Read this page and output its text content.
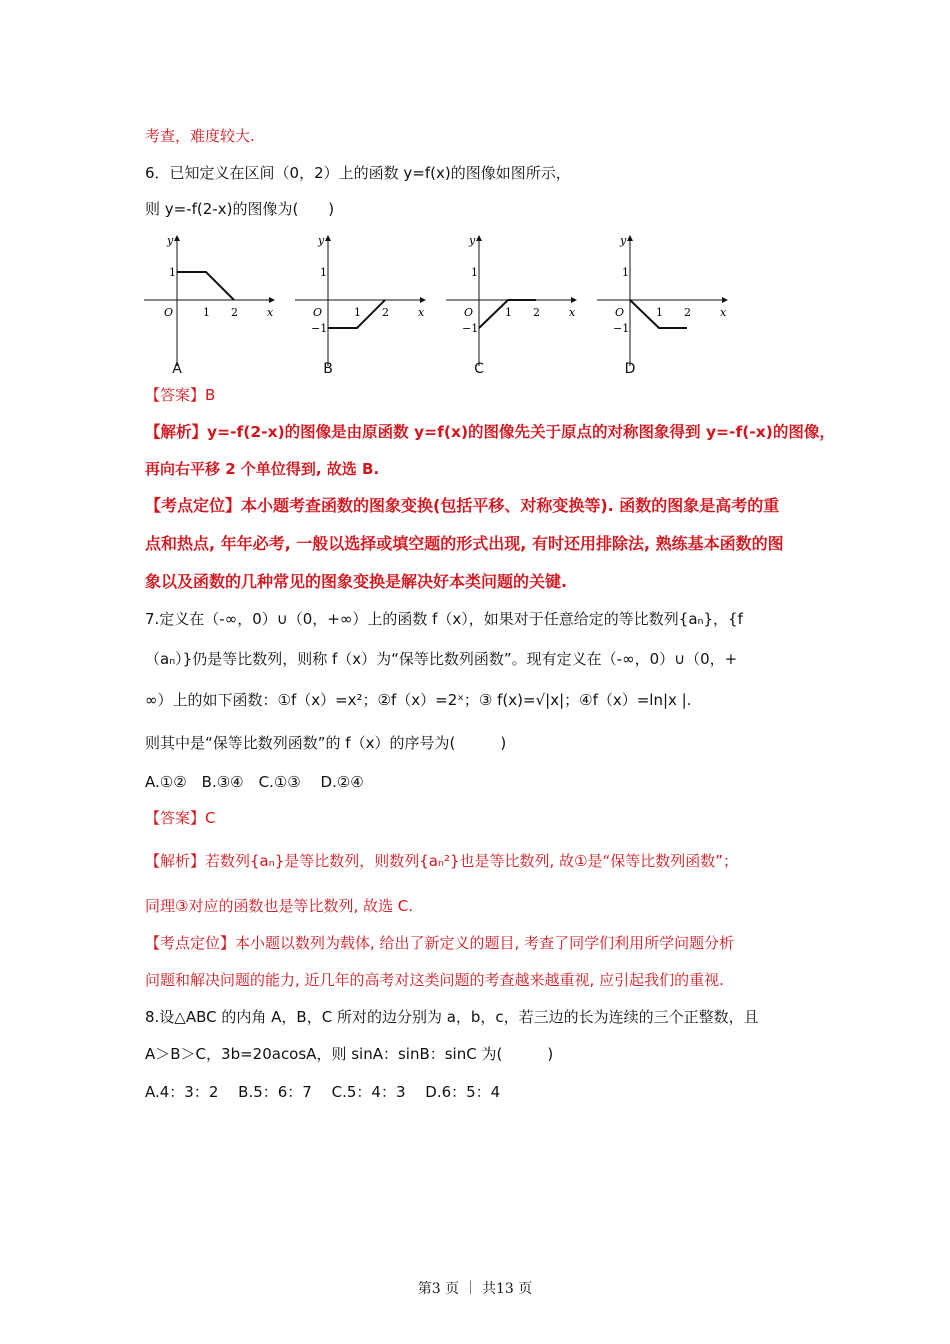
考查，难度较大.
6．已知定义在区间（0，2）上的函数 y=f(x)的图像如图所示，
则 y=-f(2-x)的图像为(　　)
y
x
O
1
1 2
A
y
x
O
1
−1
1 2
B
y
x
O
1
−1
1 2
C
y
x
O
1
−1
1 2
D
【答案】B
【解析】y=-f(2-x)的图像是由原函数 y=f(x)的图像先关于原点的对称图象得到 y=-f(-x)的图像，
再向右平移 2 个单位得到, 故选 B.
【考点定位】本小题考查函数的图象变换(包括平移、对称变换等). 函数的图象是高考的重
点和热点, 年年必考, 一般以选择或填空题的形式出现, 有时还用排除法, 熟练基本函数的图
象以及函数的几种常见的图象变换是解决好本类问题的关键.
7.定义在（-∞，0）∪（0，+∞）上的函数 f（x），如果对于任意给定的等比数列{aₙ}，{f
（aₙ）}仍是等比数列，则称 f（x）为“保等比数列函数”。现有定义在（-∞，0）∪（0，+
∞）上的如下函数：①f（x）=x²；②f（x）=2ˣ；③ f(x)=√|x|；④f（x）=ln|x |.
则其中是“保等比数列函数”的 f（x）的序号为(　　　)
A.①②　B.③④　C.①③　 D.②④
【答案】C
【解析】若数列{aₙ}是等比数列，则数列{aₙ²}也是等比数列, 故①是“保等比数列函数”；
同理③对应的函数也是等比数列, 故选 C.
【考点定位】本小题以数列为载体, 给出了新定义的题目, 考查了同学们利用所学问题分析
问题和解决问题的能力, 近几年的高考对这类问题的考查越来越重视, 应引起我们的重视.
8.设△ABC 的内角 A，B，C 所对的边分别为 a，b，c，若三边的长为连续的三个正整数，且
A＞B＞C，3b=20acosA，则 sinA：sinB：sinC 为(　　　)
A.4：3：2　 B.5：6：7　 C.5：4：3　 D.6：5：4
第3 页 ｜ 共13 页
